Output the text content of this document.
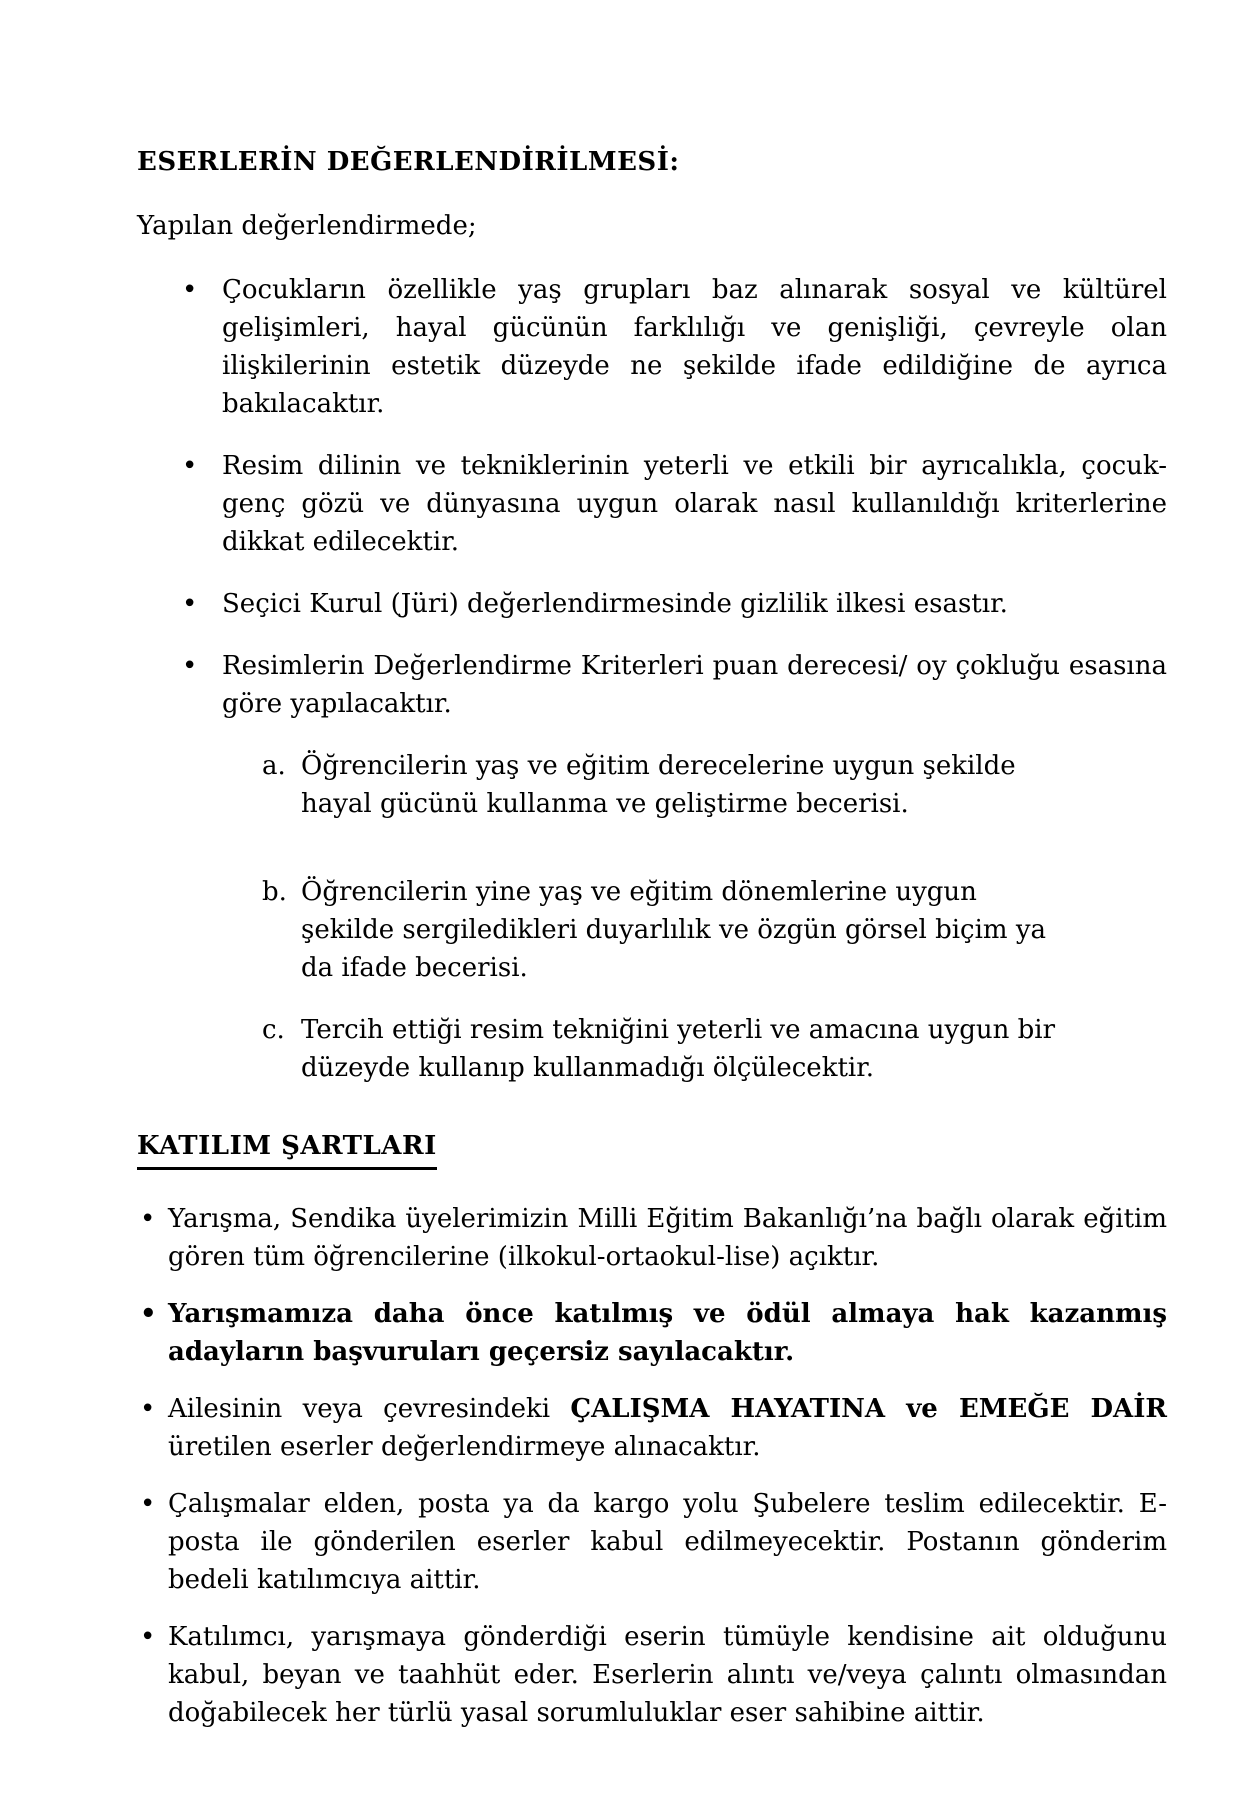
ESERLERİN DEĞERLENDİRİLMESİ:
Yapılan değerlendirmede;
• Çocukların özellikle yaş grupları baz alınarak sosyal ve kültürel gelişimleri, hayal gücünün farklılığı ve genişliği, çevreyle olan ilişkilerinin estetik düzeyde ne şekilde ifade edildiğine de ayrıca bakılacaktır.
• Resim dilinin ve tekniklerinin yeterli ve etkili bir ayrıcalıkla, çocuk-genç gözü ve dünyasına uygun olarak nasıl kullanıldığı kriterlerine dikkat edilecektir.
• Seçici Kurul (Jüri) değerlendirmesinde gizlilik ilkesi esastır.
• Resimlerin Değerlendirme Kriterleri puan derecesi/ oy çokluğu esasına göre yapılacaktır.
a. Öğrencilerin yaş ve eğitim derecelerine uygun şekilde hayal gücünü kullanma ve geliştirme becerisi.
b. Öğrencilerin yine yaş ve eğitim dönemlerine uygun şekilde sergiledikleri duyarlılık ve özgün görsel biçim ya da ifade becerisi.
c. Tercih ettiği resim tekniğini yeterli ve amacına uygun bir düzeyde kullanıp kullanmadığı ölçülecektir.
KATILIM ŞARTLARI
• Yarışma, Sendika üyelerimizin Milli Eğitim Bakanlığı’na bağlı olarak eğitim gören tüm öğrencilerine (ilkokul-ortaokul-lise) açıktır.
• Yarışmamıza daha önce katılmış ve ödül almaya hak kazanmış adayların başvuruları geçersiz sayılacaktır.
• Ailesinin veya çevresindeki ÇALIŞMA HAYATINA ve EMEĞE DAİR üretilen eserler değerlendirmeye alınacaktır.
• Çalışmalar elden, posta ya da kargo yolu Şubelere teslim edilecektir. E-posta ile gönderilen eserler kabul edilmeyecektir. Postanın gönderim bedeli katılımcıya aittir.
• Katılımcı, yarışmaya gönderdiği eserin tümüyle kendisine ait olduğunu kabul, beyan ve taahhüt eder. Eserlerin alıntı ve/veya çalıntı olmasından doğabilecek her türlü yasal sorumluluklar eser sahibine aittir.
